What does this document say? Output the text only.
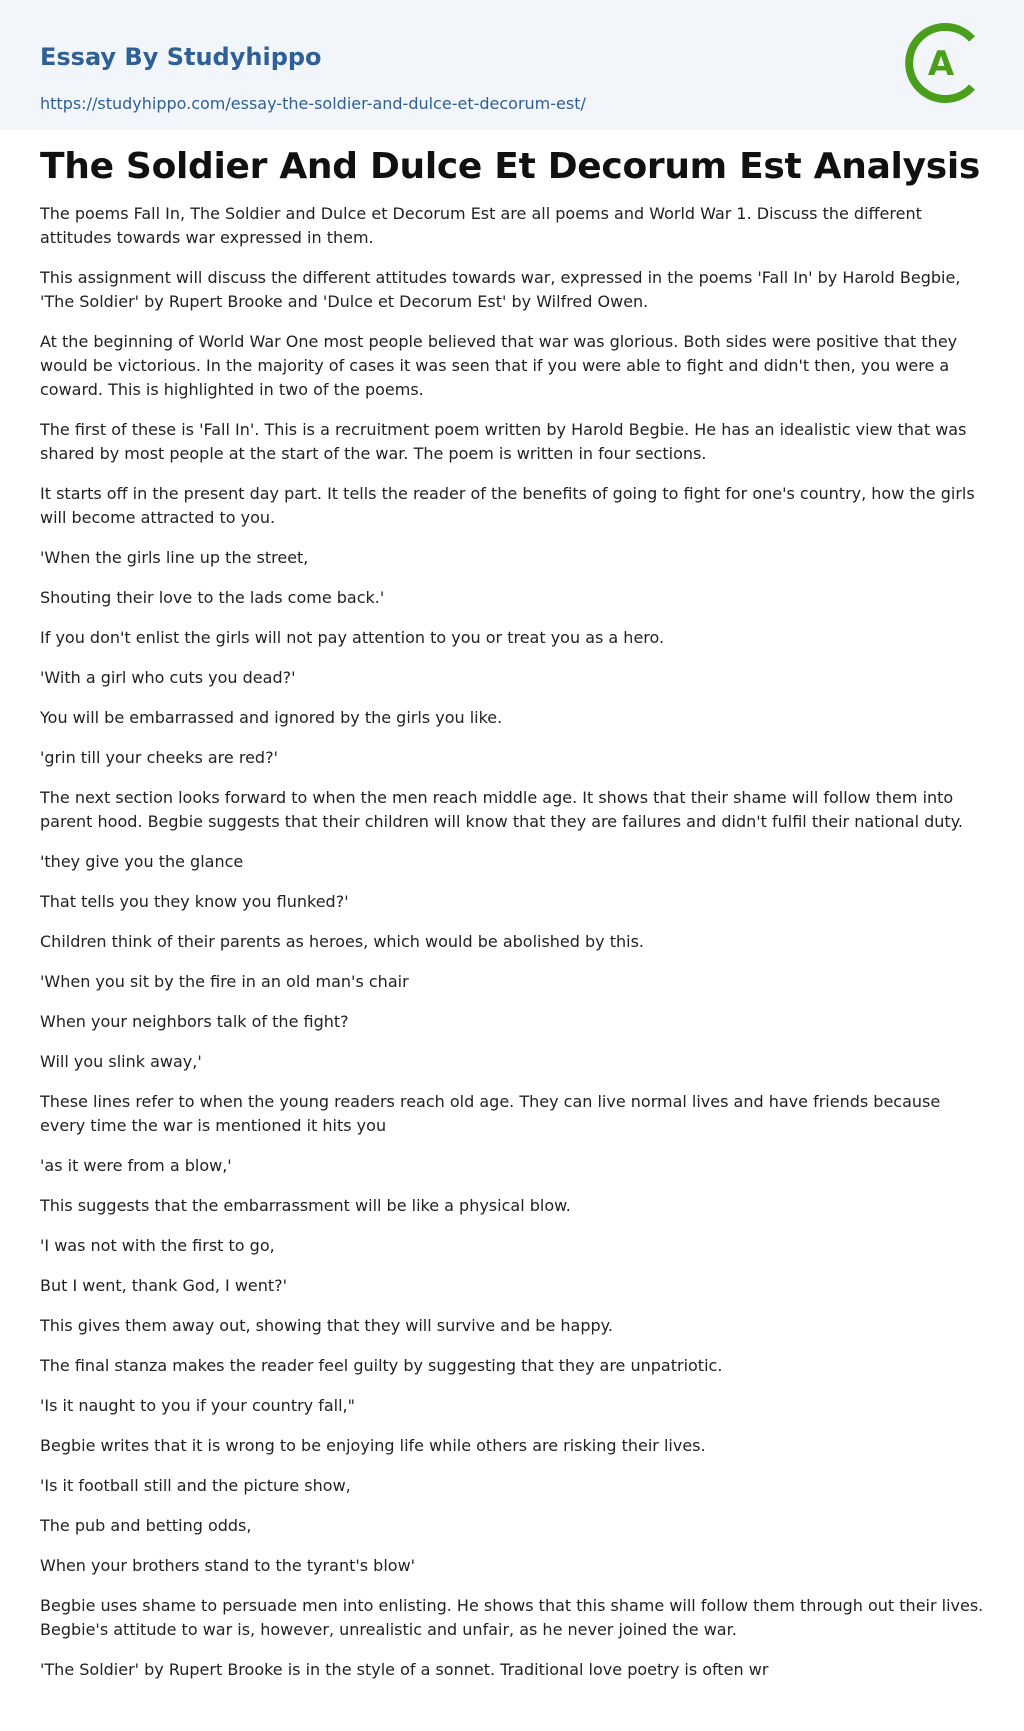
Essay By Studyhippo
https://studyhippo.com/essay-the-soldier-and-dulce-et-decorum-est/
A
The Soldier And Dulce Et Decorum Est Analysis

The poems Fall In, The Soldier and Dulce et Decorum Est are all poems and World War 1. Discuss the different attitudes towards war expressed in them.

This assignment will discuss the different attitudes towards war, expressed in the poems 'Fall In' by Harold Begbie, 'The Soldier' by Rupert Brooke and 'Dulce et Decorum Est' by Wilfred Owen.

At the beginning of World War One most people believed that war was glorious. Both sides were positive that they would be victorious. In the majority of cases it was seen that if you were able to fight and didn't then, you were a coward. This is highlighted in two of the poems.

The first of these is 'Fall In'. This is a recruitment poem written by Harold Begbie. He has an idealistic view that was shared by most people at the start of the war. The poem is written in four sections.

It starts off in the present day part. It tells the reader of the benefits of going to fight for one's country, how the girls will become attracted to you.

'When the girls line up the street,

Shouting their love to the lads come back.'

If you don't enlist the girls will not pay attention to you or treat you as a hero.

'With a girl who cuts you dead?'

You will be embarrassed and ignored by the girls you like.

'grin till your cheeks are red?'

The next section looks forward to when the men reach middle age. It shows that their shame will follow them into parent hood. Begbie suggests that their children will know that they are failures and didn't fulfil their national duty.

'they give you the glance

That tells you they know you flunked?'

Children think of their parents as heroes, which would be abolished by this.

'When you sit by the fire in an old man's chair

When your neighbors talk of the fight?

Will you slink away,'

These lines refer to when the young readers reach old age. They can live normal lives and have friends because every time the war is mentioned it hits you

'as it were from a blow,'

This suggests that the embarrassment will be like a physical blow.

'I was not with the first to go,

But I went, thank God, I went?'

This gives them away out, showing that they will survive and be happy.

The final stanza makes the reader feel guilty by suggesting that they are unpatriotic.

'Is it naught to you if your country fall,"

Begbie writes that it is wrong to be enjoying life while others are risking their lives.

'Is it football still and the picture show,

The pub and betting odds,

When your brothers stand to the tyrant's blow'

Begbie uses shame to persuade men into enlisting. He shows that this shame will follow them through out their lives. Begbie's attitude to war is, however, unrealistic and unfair, as he never joined the war.

'The Soldier' by Rupert Brooke is in the style of a sonnet. Traditional love poetry is often wr
